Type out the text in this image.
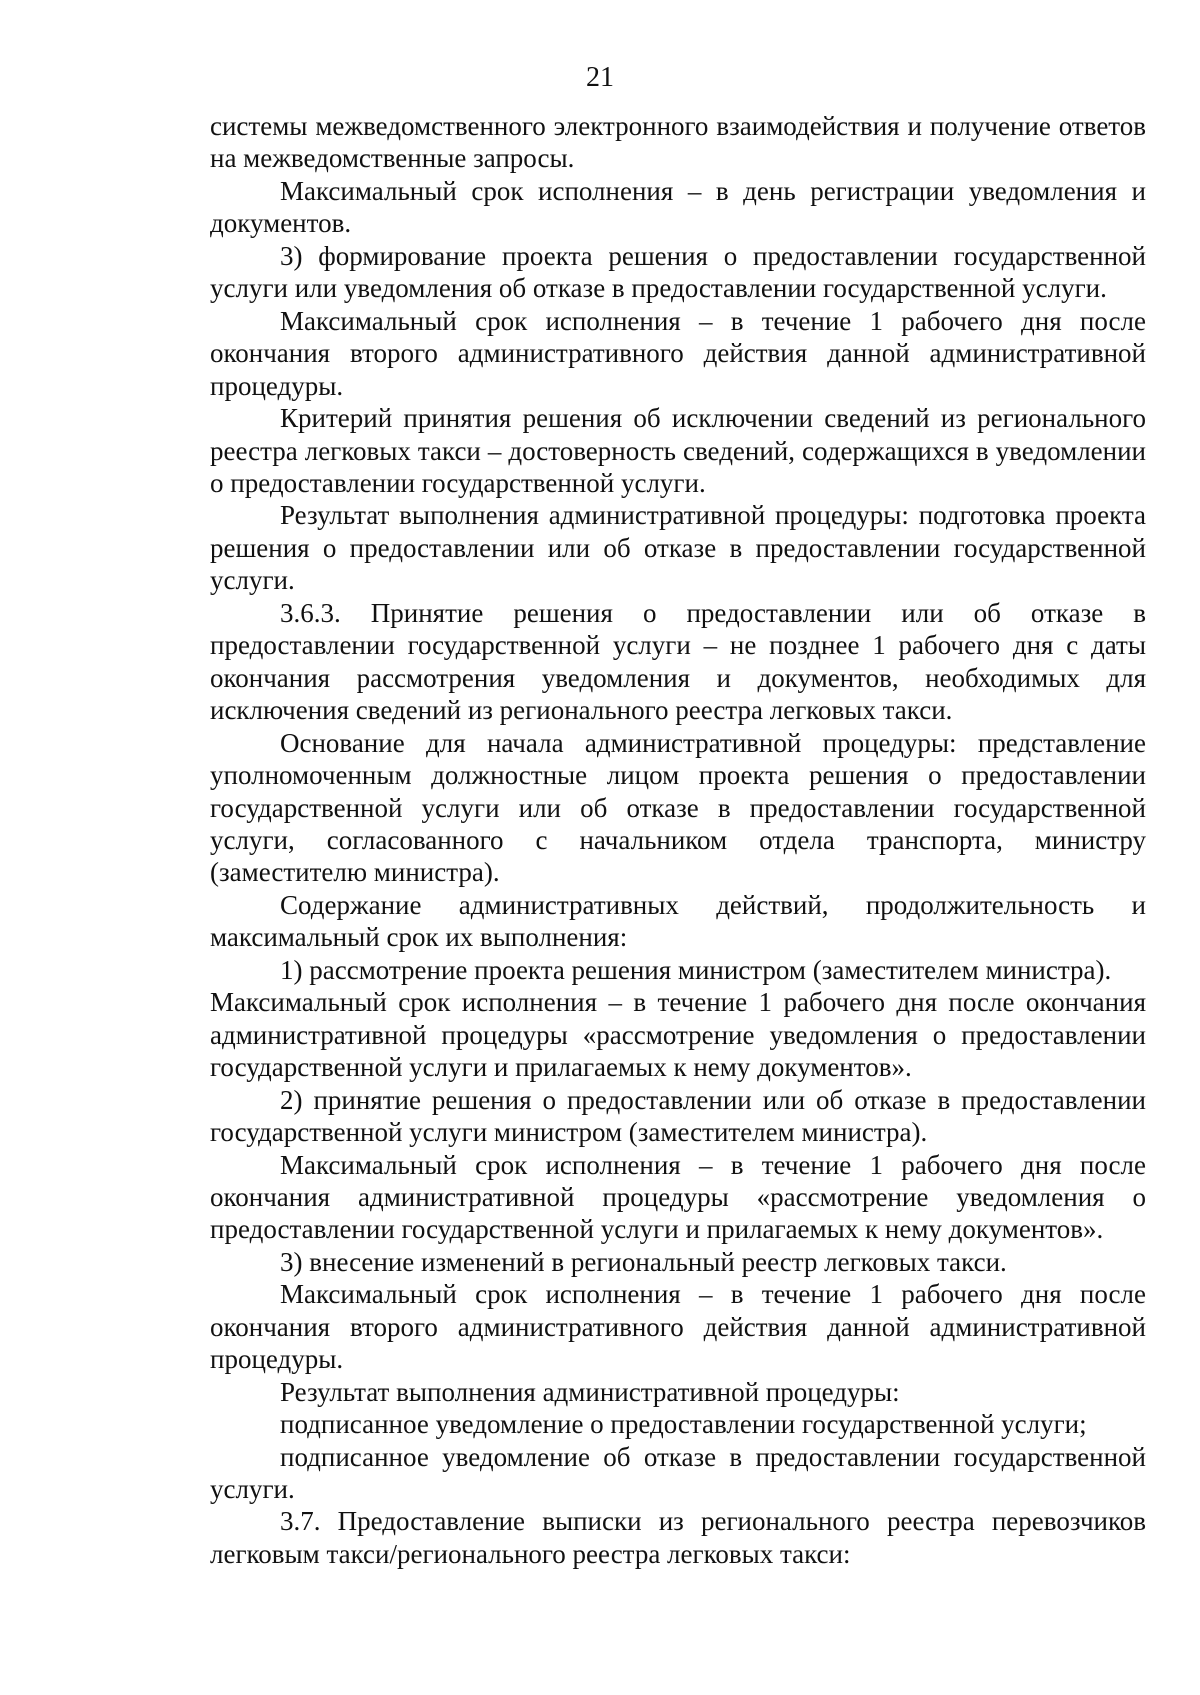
21

системы межведомственного электронного взаимодействия и получение ответов на межведомственные запросы.

Максимальный срок исполнения – в день регистрации уведомления и документов.

3) формирование проекта решения о предоставлении государственной услуги или уведомления об отказе в предоставлении государственной услуги.

Максимальный срок исполнения – в течение 1 рабочего дня после окончания второго административного действия данной административной процедуры.

Критерий принятия решения об исключении сведений из регионального реестра легковых такси – достоверность сведений, содержащихся в уведомлении о предоставлении государственной услуги.

Результат выполнения административной процедуры: подготовка проекта решения о предоставлении или об отказе в предоставлении государственной услуги.

3.6.3. Принятие решения о предоставлении или об отказе в предоставлении государственной услуги – не позднее 1 рабочего дня с даты окончания рассмотрения уведомления и документов, необходимых для исключения сведений из регионального реестра легковых такси.

Основание для начала административной процедуры: представление уполномоченным должностные лицом проекта решения о предоставлении государственной услуги или об отказе в предоставлении государственной услуги, согласованного с начальником отдела транспорта, министру (заместителю министра).

Содержание административных действий, продолжительность и максимальный срок их выполнения:

1) рассмотрение проекта решения министром (заместителем министра).

Максимальный срок исполнения – в течение 1 рабочего дня после окончания административной процедуры «рассмотрение уведомления о предоставлении государственной услуги и прилагаемых к нему документов».

2) принятие решения о предоставлении или об отказе в предоставлении государственной услуги министром (заместителем министра).

Максимальный срок исполнения – в течение 1 рабочего дня после окончания административной процедуры «рассмотрение уведомления о предоставлении государственной услуги и прилагаемых к нему документов».

3) внесение изменений в региональный реестр легковых такси.

Максимальный срок исполнения – в течение 1 рабочего дня после окончания второго административного действия данной административной процедуры.

Результат выполнения административной процедуры:

подписанное уведомление о предоставлении государственной услуги;

подписанное уведомление об отказе в предоставлении государственной услуги.

3.7. Предоставление выписки из регионального реестра перевозчиков легковым такси/регионального реестра легковых такси:
